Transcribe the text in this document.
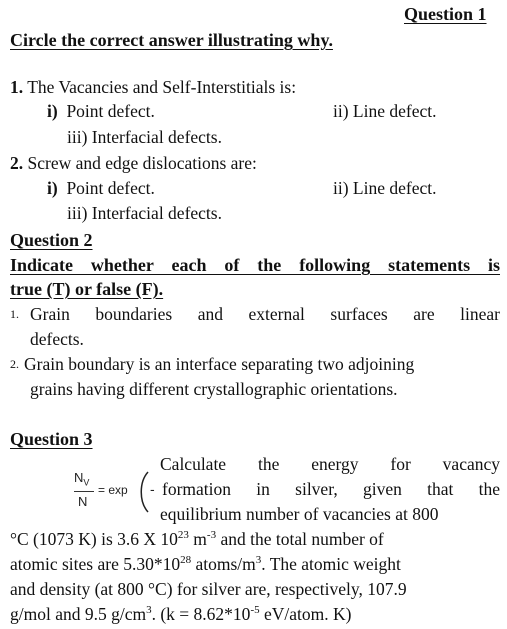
Question 1
Circle the correct answer illustrating why.
1. The Vacancies and Self-Interstitials is:
i) Point defect.	ii) Line defect.
iii) Interfacial defects.
2. Screw and edge dislocations are:
i) Point defect.	ii) Line defect.
iii) Interfacial defects.
Question 2
Indicate whether each of the following statements is
true (T) or false (F).
1. Grain boundaries and external surfaces are linear
defects.
2. Grain boundary is an interface separating two adjoining
grains having different crystallographic orientations.
Question 3
$N_V$
N
= exp -
Calculate the energy for vacancy
formation in silver, given that the
equilibrium number of vacancies at 800
°C (1073 K) is 3.6 X $10^{23}$ $m^{-3}$ and the total number of
atomic sites are $5.30*10^{28}$ atoms/$m^3$. The atomic weight
and density (at 800 °C) for silver are, respectively, 107.9
g/mol and 9.5 $g/cm^3$. ($k = 8.62*10^{-5}$ eV/atom. K)
